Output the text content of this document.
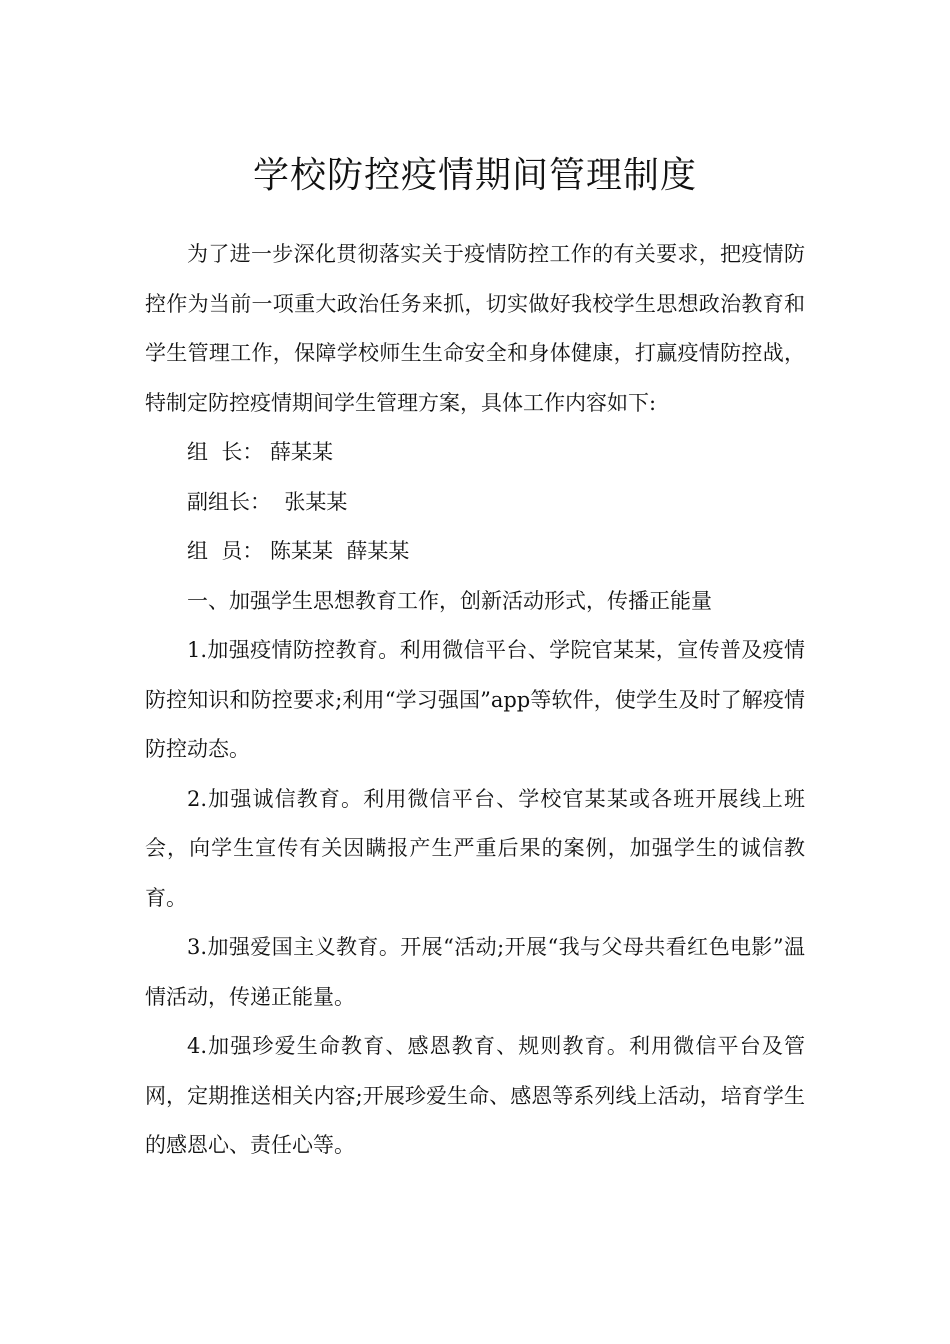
学校防控疫情期间管理制度

为了进一步深化贯彻落实关于疫情防控工作的有关要求，把疫情防控作为当前一项重大政治任务来抓，切实做好我校学生思想政治教育和学生管理工作，保障学校师生生命安全和身体健康，打赢疫情防控战，特制定防控疫情期间学生管理方案，具体工作内容如下:

组  长： 薛某某

副组长：  张某某

组  员： 陈某某  薛某某

一、加强学生思想教育工作，创新活动形式，传播正能量

1.加强疫情防控教育。利用微信平台、学院官某某，宣传普及疫情防控知识和防控要求;利用“学习强国”app等软件，使学生及时了解疫情防控动态。

2.加强诚信教育。利用微信平台、学校官某某或各班开展线上班会，向学生宣传有关因瞒报产生严重后果的案例，加强学生的诚信教育。

3.加强爱国主义教育。开展“活动;开展“我与父母共看红色电影”温情活动，传递正能量。

4.加强珍爱生命教育、感恩教育、规则教育。利用微信平台及管网，定期推送相关内容;开展珍爱生命、感恩等系列线上活动，培育学生的感恩心、责任心等。
